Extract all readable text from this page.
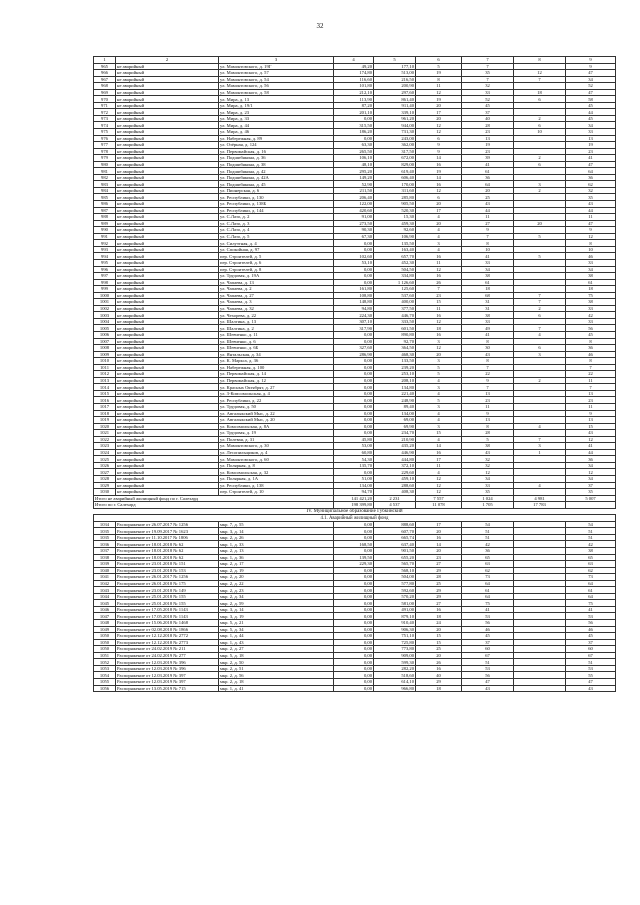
32
1	2	3	4	5	6	7	8	9
965	не аварийный	ул. Мамонтовского, д. 19Г	49,20	177,10	5	7		9
966	не аварийный	ул. Мамонтовского, д. 57	174,80	513,00	19	35	12	47
967	не аварийный	ул. Мамонтовского, д. 54	116,60	216,50	8	7	7	34
968	не аварийный	ул. Мамонтовского, д. 56	101,80	200,90	11	32		52
969	не аварийный	ул. Мамонтовского, д. 58	212,10	297,60	12	33	18	47
970	не аварийный	ул. Мира, д. 13	113,90	861,40	19	52	6	58
971	не аварийный	ул. Мира, д. 19/1	87,20	911,40	20	45		45
972	не аварийный	ул. Мира, д. 23	201,10	339,10	17	37		44
973	не аварийный	ул. Мира, д. 33	0,00	961,20	20	40	2	45
974	не аварийный	ул. Мира, д. 44	315,50	944,00	12	28	6	34
975	не аварийный	ул. Мира, д. 46	186,20	731,30	12	23	10	33
976	не аварийный	ул. Набережная, д. 89	0,00	243,00	6	13		13
977	не аварийный	ул. Озёрная, д. 124	63,30	362,00	9	19		19
978	не аварийный	ул. Первомайская, д. 16	265,50	317,50	9	23		23
979	не аварийный	ул. Подшибякина, д. 36	106,10	672,00	14	39	2	41
980	не аварийный	ул. Подшибякина, д. 38	48,10	829,00	16	41	6	47
981	не аварийный	ул. Подшибякина, д. 42	295,20	619,40	19	61		64
982	не аварийный	ул. Подшибякина, д. 42А	149,20	606,40	14	36		36
983	не аварийный	ул. Подшибякина, д. 45	52,90	170,00	16	64	3	62
984	не аварийный	ул. Пионерская, д. 6	211,50	311,60	12	20	2	32
985	не аварийный	ул. Республики, д. 130	206,40	285,80	6	25		35
986	не аварийный	ул. Республики, д. 138Б	122,00	905,50	20	43		43
987	не аварийный	ул. Республики, д. 144	420,60	520,30	17	44		44
988	не аварийный	ул. С.Лазо, д. 2	91,00	15,30	4	11		11
989	не аварийный	ул. С.Лазо, д. 3	273,50	459,30	20	27	20	47
990	не аварийный	ул. С.Лазо, д. 4	90,30	92,60	4	9		9
991	не аварийный	ул. С.Лазо, д. 5	67,30	106,90	4	7	5	12
992	не аварийный	ул. Силуэтная, д. 4	0,00	135,50	3	8		8
993	не аварийный	ул. Спокойная, д. 97	0,00	163,40	4	10		10
994	не аварийный	пер. Строителей, д. 5	102,60	657,70	16	41	5	46
995	не аварийный	пер. Строителей, д. 6	53,10	452,30	11	33		33
996	не аварийный	пер. Строителей, д. 8	0,00	504,50	12	34		34
997	не аварийный	ул. Трудовая, д. 19А	0,00	334,80	16	38		38
998	не аварийный	ул. Чапаева, д. 13	0,00	1 126,60	26	61		61
999	не аварийный	ул. Чапаева, д. 2	161,80	125,60	7	18		18
1000	не аварийный	ул. Чапаева, д. 27	108,80	537,60	23	68	7	75
1001	не аварийный	ул. Чапаева, д. 3	148,80	400,00	15	31	7	38
1002	не аварийный	ул. Чапаева, д. 32	94,80	377,50	11	31	2	33
1003	не аварийный	ул. Чехорева, д. 22	224,30	446,70	16	38	6	42
1004	не аварийный	ул. Шалгина, д. 13	307,10	333,50	12	33		33
1005	не аварийный	ул. Шалгина, д. 2	317,90	601,50	18	49	7	56
1006	не аварийный	ул. Шевченко, д. 11	0,00	890,80	16	41	4	45
1007	не аварийный	ул. Шевченко, д. 6	0,00	92,70	3	8		8
1008	не аварийный	ул. Шевченко, д. 6Б	327,60	364,50	12	30	6	36
1009	не аварийный	ул. Янтальская, д. 34	286,90	468,30	20	43	3	46
1010	не аварийный	ул. К. Маркса, д. 36	0,00	133,50	3	8		8
1011	не аварийный	ул. Набережная, д. 100	0,00	239,20	5	7		7
1012	не аварийный	ул. Первомайская, д. 14	0,00	253,10	5	22		22
1013	не аварийный	ул. Первомайская, д. 12	0,00	208,10	4	9	2	11
1014	не аварийный	ул. Красных Октябрят, д. 27	0,00	134,80	3	7		7
1015	не аварийный	ул. 3-Комсомольская, д. 4	0,00	221,40	4	13		13
1016	не аварийный	ул. Республики, д. 22	0,00	248,90	5	23		23
1017	не аварийный	ул. Трудовая, д. 50	0,00	89,40	3	11		11
1018	не аварийный	ул. Авгалыкский Мыс, д. 22	0,00	134,00	4	9		9
1019	не аварийный	ул. Авгалыкский Мыс, д. 20	0,00	69,00	4	13		13
1020	не аварийный	ул. Комсомольская, д. 8А	0,00	69,90	3	8	4	15
1021	не аварийный	ул. Трудовая, д. 19	0,00	234,70	15	28		43
1022	не аварийный	ул. Полевая, д. 31	45,80	210,90	4	5	7	12
1023	не аварийный	ул. Мамонтовского, д. 30	53,00	435,20	14	38	3	41
1024	не аварийный	ул. Лесопильщиков, д. 4	60,80	446,90	16	43	1	44
1025	не аварийный	ул. Мамонтовского, д. 60	54,30	444,80	17	32		36
1026	не аварийный	ул. Полярная, д. 8	135,70	372,10	11	32		34
1027	не аварийный	ул. Комсомольская, д. 32	0,00	229,60	4	12		12
1028	не аварийный	ул. Полярная, д. 1А	51,00	459,10	12	34		34
1029	не аварийный	ул. Республики, д. 138	134,00	288,60	12	33	4	37
1030	не аварийный	пер. Строителей, д. 10	94,70	408,30	12	35		35
Итого не аварийный жилищный фонд по г. Салехард			141 421,20	2 231	7 557	1 024	4 981	5 007
Итого по г. Салехард			198 399,80	4 537	11 078	1 705	17 783	
IV. Муниципальное образование Губкинский								
4.1. Аварийный жилищный фонд								
1034	Распоряжение от 26.07.2017 № 1256	мкр. 7, д. 55	0,00	888,60	17	54		54
1035	Распоряжение от 19.09.2017 № 1623	мкр. 3, д. 14	0,00	607,70	20	51		51
1035	Распоряжение от 11.10.2017 № 1806	мкр. 2, д. 26	0,00	665,74	16	51		51
1036	Распоряжение от 18.01.2018 № 62	мкр. 1, д. 33	168,50	637,40	14	42		42
1037	Распоряжение от 18.01.2018 № 62	мкр. 2, д. 13	0,00	901,50	20	36		38
1038	Распоряжение от 18.01.2018 № 62	мкр. 1, д. 36	139,50	655,20	23	65		65
1039	Распоряжение от 23.01.2018 № 151	мкр. 2, д. 17	229,30	565,70	27	63		63
1040	Распоряжение от 23.01.2018 № 153	мкр. 2, д. 19	0,00	568,10	29	62		62
1041	Распоряжение от 26.01.2017 № 1256	мкр. 2, д. 20	0,00	504,00	28	73		73
1042	Распоряжение от 26.01.2018 № 175	мкр. 2, д. 22	0,00	577,80	25	64		64
1043	Распоряжение от 23.01.2018 № 149	мкр. 2, д. 23	0,00	592,60	29	61		61
1044	Распоряжение от 25.01.2018 № 155	мкр. 2, д. 34	0,00	570,20	29	64		64
1045	Распоряжение от 25.01.2018 № 155	мкр. 2, д. 59	0,00	581,00	27	75		75
1046	Распоряжение от 17.05.2018 № 1143	мкр. 3, д. 14	0,00	491,00	16	41		41
1047	Распоряжение от 17.05.2018 № 1143	мкр. 3, д. 19	0,00	879,10	18	53		53
1048	Распоряжение от 15.06.2018 № 1468	мкр. 5, д. 21	0,00	910,40	24	56		56
1049	Распоряжение от 02.08.2018 № 1866	мкр. 5, д. 34	0,00	906,30	20	46		46
1050	Распоряжение от 12.12.2018 № 2772	мкр. 1, д. 44	0,00	751,10	15	45		45
1050	Распоряжение от 12.12.2018 № 2773	мкр. 1, д. 43	0,00	725,80	15	37		37
1050	Распоряжение от 24.02.2019 № 211	мкр. 2, д. 27	0,00	773,80	25	60		60
1051	Распоряжение от 24.02.2019 № 277	мкр. 5, д. 18	0,00	909,00	20	67		67
1052	Распоряжение от 12.03.2019 № 396	мкр. 2, д. 50	0,00	599,30	26	51		51
1053	Распоряжение от 12.03.2019 № 396	мкр. 2, д. 51	0,00	282,20	16	53		53
1054	Распоряжение от 12.03.2019 № 397	мкр. 2, д. 56	0,00	518,60	40	56		55
1055	Распоряжение от 12.03.2019 № 397	мкр. 2, д. 18	0,00	614,10	29	47		47
1056	Распоряжение от 13.05.2019 № 715	мкр. 1, д. 41	0,00	966,80	18	43		43
